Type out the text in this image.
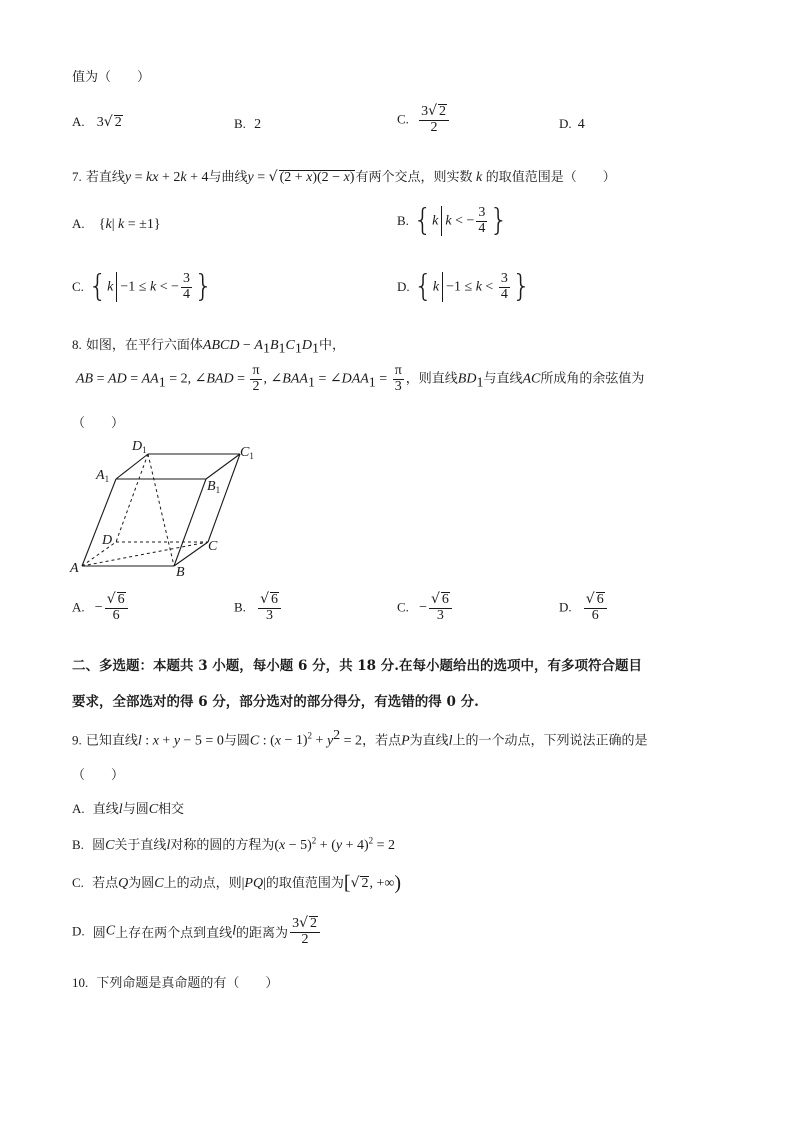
值为（　　）
A. 3√ 2	B. 2	C. $\frac{3√ 2}{2}$	D. 4
7. 若直线y = kx + 2k + 4与曲线y = √ (2 + x)(2 − x)有两个交点，则实数 k 的取值范围是（　　）
A. {k| k = ±1}	B. {k k < − $\frac{3}{4}$ }
C. {k −1 ≤ k < − $\frac{3}{4}$ }	D. {$k -1 \le k < \frac{3}{4}$ }
8. 如图，在平行六面体ABCD − $A_1B_1C_1D_1$中，
AB = AD = $AA_1 = 2$, ∠BAD = $\frac{\pi}{2}$ , $\angle BAA_1$ = $\angle DAA_1 = \frac{\pi}{3}$ ，则直线$BD_1$与直线AC所成角的余弦值为
（　　）
$D_1$	$C_1$
$A_1$	$B_1$
D	C
A	B
A. − $\frac{√ 6}{6}$	B. $\frac{√ 6}{3}$	C. − $\frac{√ 6}{3}$	D. $\frac{√ 6}{6}$
二、多选题：本题共 3 小题，每小题 6 分，共 18 分.在每小题给出的选项中，有多项符合题目
要求，全部选对的得 6 分，部分选对的部分得分，有选错的得 0 分.
9. 已知直线l : x + y − 5 = 0与圆C : $(x - 1)^2 + y^2 = 2$，若点P为直线l上的一个动点，下列说法正确的是
（　　）
A. 直线l与圆C相交
B. 圆C关于直线l对称的圆的方程为$(x - 5)^2 + (y + 4)^2 = 2$
C. 若点Q为圆C上的动点，则|PQ|的取值范围为[√ 2, +∞)
D. 圆C上存在两个点到直线l的距离为 $\frac{3√ 2}{2}$
10. 下列命题是真命题的有（　　）
